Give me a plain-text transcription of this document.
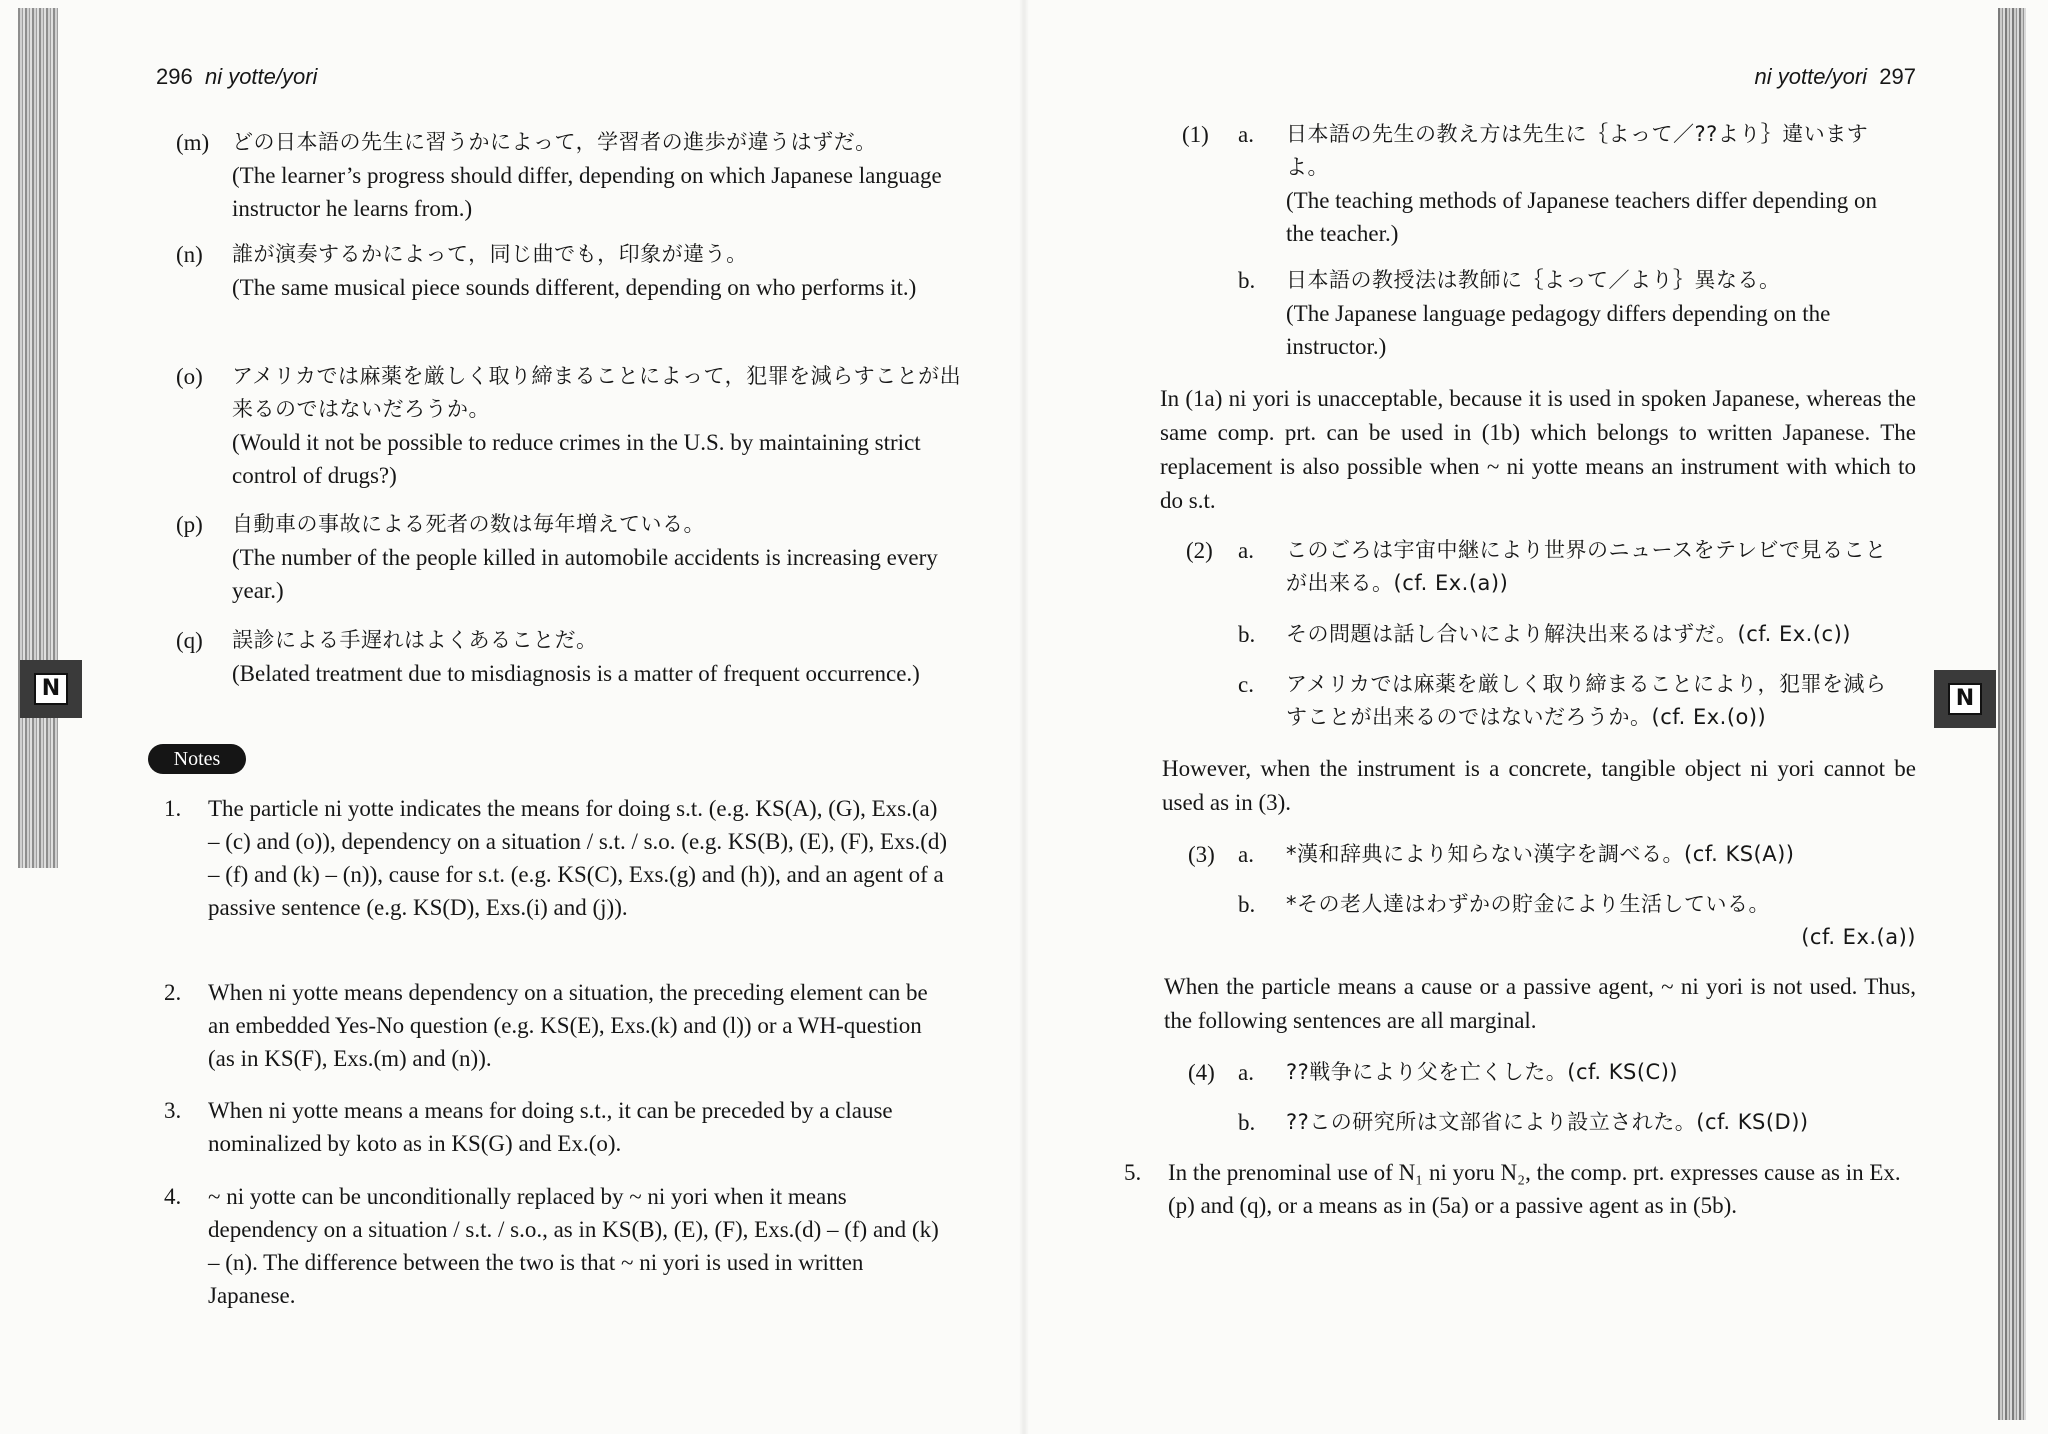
N
296 ni yotte/yori
(m) どの日本語の先生に習うかによって，学習者の進歩が違うはずだ。
(The learner’s progress should differ, depending on which Japanese language instructor he learns from.)
(n) 誰が演奏するかによって，同じ曲でも，印象が違う。
(The same musical piece sounds different, depending on who performs it.)
(o) アメリカでは麻薬を厳しく取り締まることによって，犯罪を減らすことが出来るのではないだろうか。
(Would it not be possible to reduce crimes in the U.S. by maintaining strict control of drugs?)
(p) 自動車の事故による死者の数は毎年増えている。
(The number of the people killed in automobile accidents is increasing every year.)
(q) 誤診による手遅れはよくあることだ。
(Belated treatment due to misdiagnosis is a matter of frequent occurrence.)
Notes
1. The particle ni yotte indicates the means for doing s.t. (e.g. KS(A), (G), Exs.(a) – (c) and (o)), dependency on a situation / s.t. / s.o. (e.g. KS(B), (E), (F), Exs.(d) – (f) and (k) – (n)), cause for s.t. (e.g. KS(C), Exs.(g) and (h)), and an agent of a passive sentence (e.g. KS(D), Exs.(i) and (j)).
2. When ni yotte means dependency on a situation, the preceding element can be an embedded Yes-No question (e.g. KS(E), Exs.(k) and (l)) or a WH-question (as in KS(F), Exs.(m) and (n)).
3. When ni yotte means a means for doing s.t., it can be preceded by a clause nominalized by koto as in KS(G) and Ex.(o).
4. ~ ni yotte can be unconditionally replaced by ~ ni yori when it means dependency on a situation / s.t. / s.o., as in KS(B), (E), (F), Exs.(d) – (f) and (k) – (n). The difference between the two is that ~ ni yori is used in written Japanese.
ni yotte/yori 297
(1) a. 日本語の先生の教え方は先生に｛よって／??より｝違いますよ。
(The teaching methods of Japanese teachers differ depending on the teacher.)
b. 日本語の教授法は教師に｛よって／より｝異なる。
(The Japanese language pedagogy differs depending on the instructor.)
In (1a) ni yori is unacceptable, because it is used in spoken Japanese, whereas the same comp. prt. can be used in (1b) which belongs to written Japanese. The replacement is also possible when ~ ni yotte means an instrument with which to do s.t.
(2) a. このごろは宇宙中継により世界のニュースをテレビで見ることが出来る。(cf. Ex.(a))
b. その問題は話し合いにより解決出来るはずだ。(cf. Ex.(c))
c. アメリカでは麻薬を厳しく取り締まることにより，犯罪を減らすことが出来るのではないだろうか。(cf. Ex.(o))
However, when the instrument is a concrete, tangible object ni yori cannot be used as in (3).
(3) a. *漢和辞典により知らない漢字を調べる。(cf. KS(A))
b. *その老人達はわずかの貯金により生活している。
(cf. Ex.(a))
When the particle means a cause or a passive agent, ~ ni yori is not used. Thus, the following sentences are all marginal.
(4) a. ??戦争により父を亡くした。(cf. KS(C))
b. ??この研究所は文部省により設立された。(cf. KS(D))
5. In the prenominal use of N₁ ni yoru N₂, the comp. prt. expresses cause as in Ex.(p) and (q), or a means as in (5a) or a passive agent as in (5b).
N
